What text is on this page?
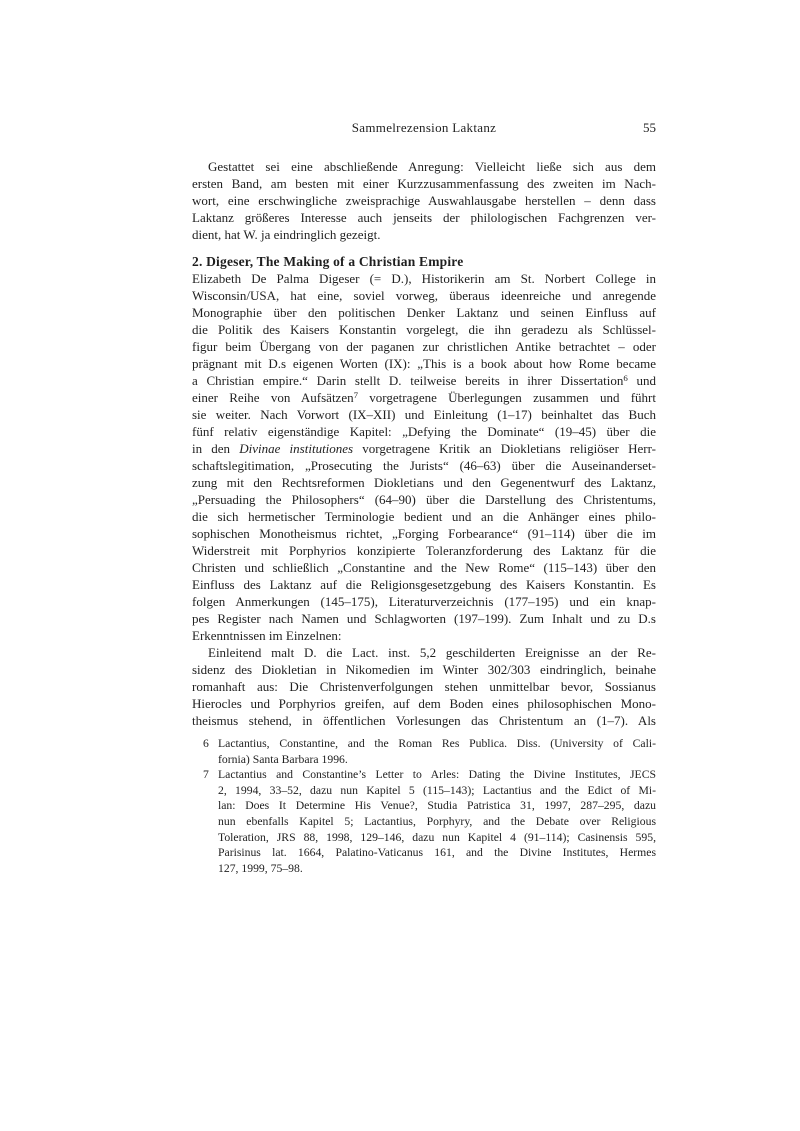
Sammelrezension Laktanz	55
Gestattet sei eine abschließende Anregung: Vielleicht ließe sich aus dem
ersten Band, am besten mit einer Kurzzusammenfassung des zweiten im Nach-
wort, eine erschwingliche zweisprachige Auswahlausgabe herstellen – denn dass
Laktanz größeres Interesse auch jenseits der philologischen Fachgrenzen ver-
dient, hat W. ja eindringlich gezeigt.
2. Digeser, The Making of a Christian Empire
Elizabeth De Palma Digeser (= D.), Historikerin am St. Norbert College in
Wisconsin/USA, hat eine, soviel vorweg, überaus ideenreiche und anregende
Monographie über den politischen Denker Laktanz und seinen Einfluss auf
die Politik des Kaisers Konstantin vorgelegt, die ihn geradezu als Schlüssel-
figur beim Übergang von der paganen zur christlichen Antike betrachtet – oder
prägnant mit D.s eigenen Worten (IX): „This is a book about how Rome became
a Christian empire.“ Darin stellt D. teilweise bereits in ihrer Dissertation$^6$ und
einer Reihe von Aufsätzen$^7$ vorgetragene Überlegungen zusammen und führt
sie weiter. Nach Vorwort (IX–XII) und Einleitung (1–17) beinhaltet das Buch
fünf relativ eigenständige Kapitel: „Defying the Dominate“ (19–45) über die
in den Divinae institutiones vorgetragene Kritik an Diokletians religiöser Herr-
schaftslegitimation, „Prosecuting the Jurists“ (46–63) über die Auseinanderset-
zung mit den Rechtsreformen Diokletians und den Gegenentwurf des Laktanz,
„Persuading the Philosophers“ (64–90) über die Darstellung des Christentums,
die sich hermetischer Terminologie bedient und an die Anhänger eines philo-
sophischen Monotheismus richtet, „Forging Forbearance“ (91–114) über die im
Widerstreit mit Porphyrios konzipierte Toleranzforderung des Laktanz für die
Christen und schließlich „Constantine and the New Rome“ (115–143) über den
Einfluss des Laktanz auf die Religionsgesetzgebung des Kaisers Konstantin. Es
folgen Anmerkungen (145–175), Literaturverzeichnis (177–195) und ein knap-
pes Register nach Namen und Schlagworten (197–199). Zum Inhalt und zu D.s
Erkenntnissen im Einzelnen:
Einleitend malt D. die Lact. inst. 5,2 geschilderten Ereignisse an der Re-
sidenz des Diokletian in Nikomedien im Winter 302/303 eindringlich, beinahe
romanhaft aus: Die Christenverfolgungen stehen unmittelbar bevor, Sossianus
Hierocles und Porphyrios greifen, auf dem Boden eines philosophischen Mono-
theismus stehend, in öffentlichen Vorlesungen das Christentum an (1–7). Als
6 Lactantius, Constantine, and the Roman Res Publica. Diss. (University of Cali-
fornia) Santa Barbara 1996.
7 Lactantius and Constantine’s Letter to Arles: Dating the Divine Institutes, JECS
2, 1994, 33–52, dazu nun Kapitel 5 (115–143); Lactantius and the Edict of Mi-
lan: Does It Determine His Venue?, Studia Patristica 31, 1997, 287–295, dazu
nun ebenfalls Kapitel 5; Lactantius, Porphyry, and the Debate over Religious
Toleration, JRS 88, 1998, 129–146, dazu nun Kapitel 4 (91–114); Casinensis 595,
Parisinus lat. 1664, Palatino-Vaticanus 161, and the Divine Institutes, Hermes
127, 1999, 75–98.
